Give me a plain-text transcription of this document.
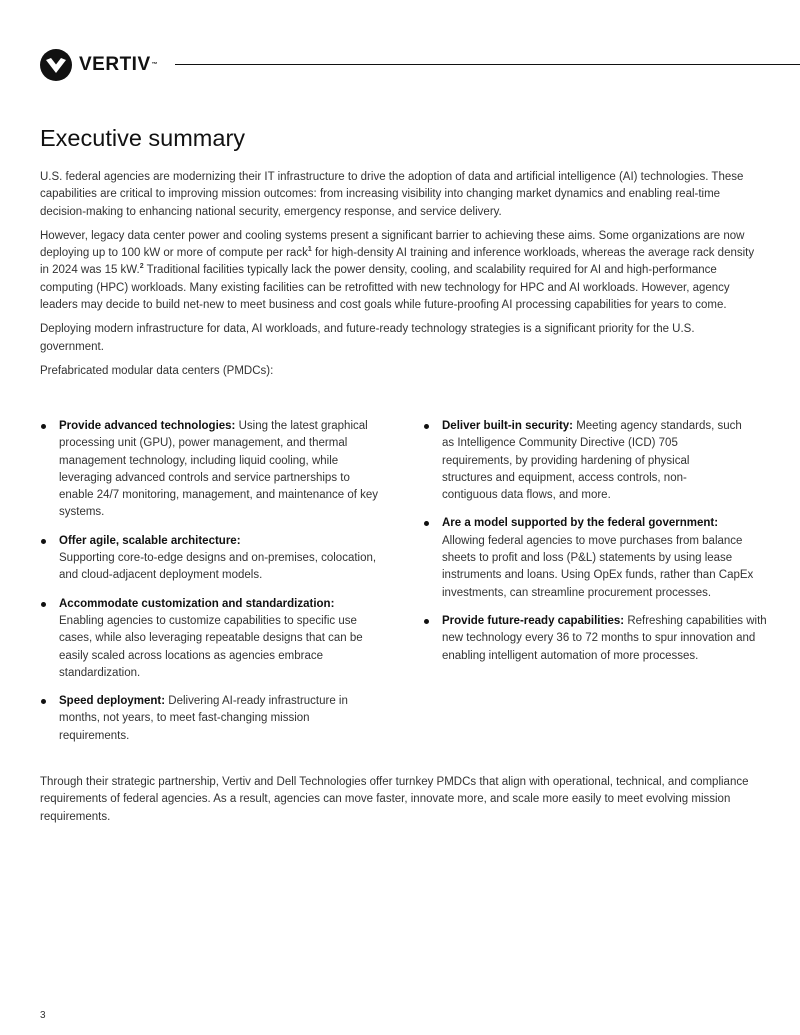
VERTIV™
Executive summary

U.S. federal agencies are modernizing their IT infrastructure to drive the adoption of data and artificial intelligence (AI) technologies. These capabilities are critical to improving mission outcomes: from increasing visibility into changing market dynamics and enabling real-time decision-making to enhancing national security, emergency response, and service delivery.

However, legacy data center power and cooling systems present a significant barrier to achieving these aims. Some organizations are now deploying up to 100 kW or more of compute per rack$^1$ for high-density AI training and inference workloads, whereas the average rack density in 2024 was 15 kW.$^2$ Traditional facilities typically lack the power density, cooling, and scalability required for AI and high-performance computing (HPC) workloads. Many existing facilities can be retrofitted with new technology for HPC and AI workloads. However, agency leaders may decide to build net-new to meet business and cost goals while future-proofing AI processing capabilities for years to come.

Deploying modern infrastructure for data, AI workloads, and future-ready technology strategies is a significant priority for the U.S. government.

Prefabricated modular data centers (PMDCs):

Provide advanced technologies: Using the latest graphical processing unit (GPU), power management, and thermal management technology, including liquid cooling, while leveraging advanced controls and service partnerships to enable 24/7 monitoring, management, and maintenance of key systems.
Offer agile, scalable architecture:
Supporting core-to-edge designs and on-premises, colocation, and cloud-adjacent deployment models.
Accommodate customization and standardization:
Enabling agencies to customize capabilities to specific use cases, while also leveraging repeatable designs that can be easily scaled across locations as agencies embrace standardization.
Speed deployment: Delivering AI-ready infrastructure in months, not years, to meet fast-changing mission requirements.
Deliver built-in security: Meeting agency standards, such as Intelligence Community Directive (ICD) 705 requirements, by providing hardening of physical structures and equipment, access controls, non-contiguous data flows, and more.
Are a model supported by the federal government:
Allowing federal agencies to move purchases from balance sheets to profit and loss (P&L) statements by using lease instruments and loans. Using OpEx funds, rather than CapEx investments, can streamline procurement processes.
Provide future-ready capabilities: Refreshing capabilities with new technology every 36 to 72 months to spur innovation and enabling intelligent automation of more processes.

Through their strategic partnership, Vertiv and Dell Technologies offer turnkey PMDCs that align with operational, technical, and compliance requirements of federal agencies. As a result, agencies can move faster, innovate more, and scale more easily to meet evolving mission requirements.

3
